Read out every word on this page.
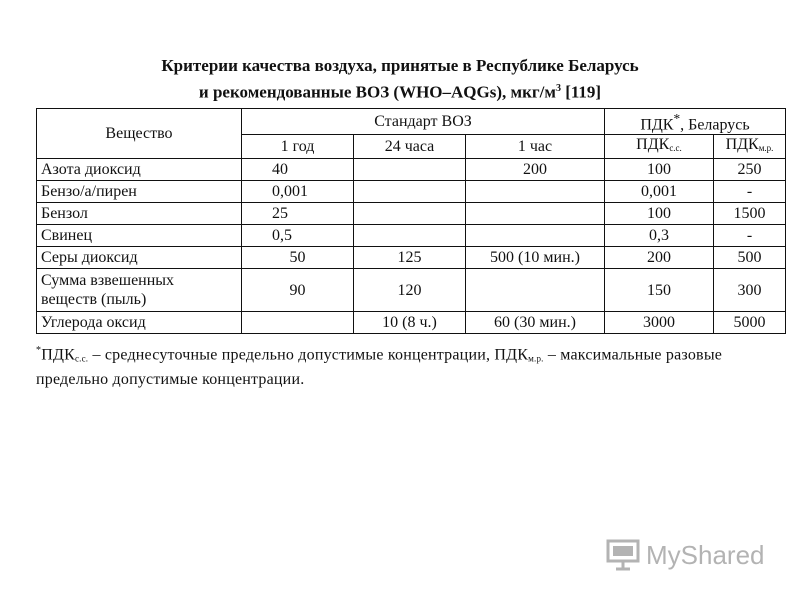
Критерии качества воздуха, принятые в Республике Беларусь
и рекомендованные ВОЗ (WHO–AQGs), мкг/$м^3$ [119]
Вещество	Стандарт ВОЗ			ПДК*, Беларусь	
	1 год	24 часа	1 час	$ПДК_{с.с.}$	$ПДК_{м.р.}$
Азота диоксид	40		200	100	250
Бензо/а/пирен	0,001			0,001	-
Бензол	25			100	1500
Свинец	0,5			0,3	-
Серы диоксид	50	125	500 (10 мин.)	200	500

Сумма взвешенных
веществ (пыль)	90	120		150	300
Углерода оксид		10 (8 ч.)	60 (30 мин.)	3000	5000
$^*ПДК_{с.с.}$ – среднесуточные предельно допустимые концентрации, $ПДК_{м.р.}$ – максимальные разовые предельно допустимые концентрации.
MyShared
